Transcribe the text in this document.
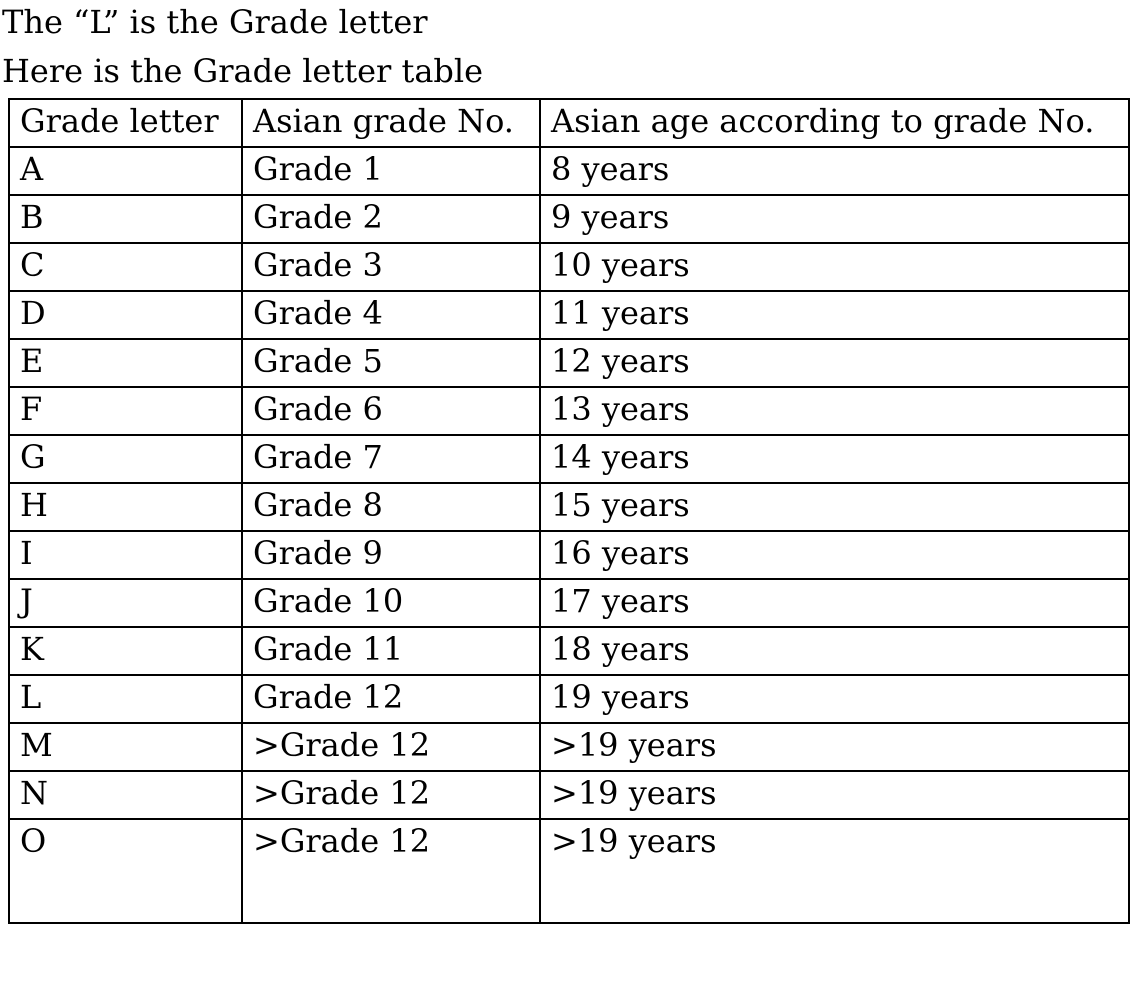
The “L” is the Grade letter
Here is the Grade letter table
Grade letter	Asian grade No.	Asian age according to grade No.
A	Grade 1	8 years
B	Grade 2	9 years
C	Grade 3	10 years
D	Grade 4	11 years
E	Grade 5	12 years
F	Grade 6	13 years
G	Grade 7	14 years
H	Grade 8	15 years
I	Grade 9	16 years
J	Grade 10	17 years
K	Grade 11	18 years
L	Grade 12	19 years
M	>Grade 12	>19 years
N	>Grade 12	>19 years
O	>Grade 12	>19 years
